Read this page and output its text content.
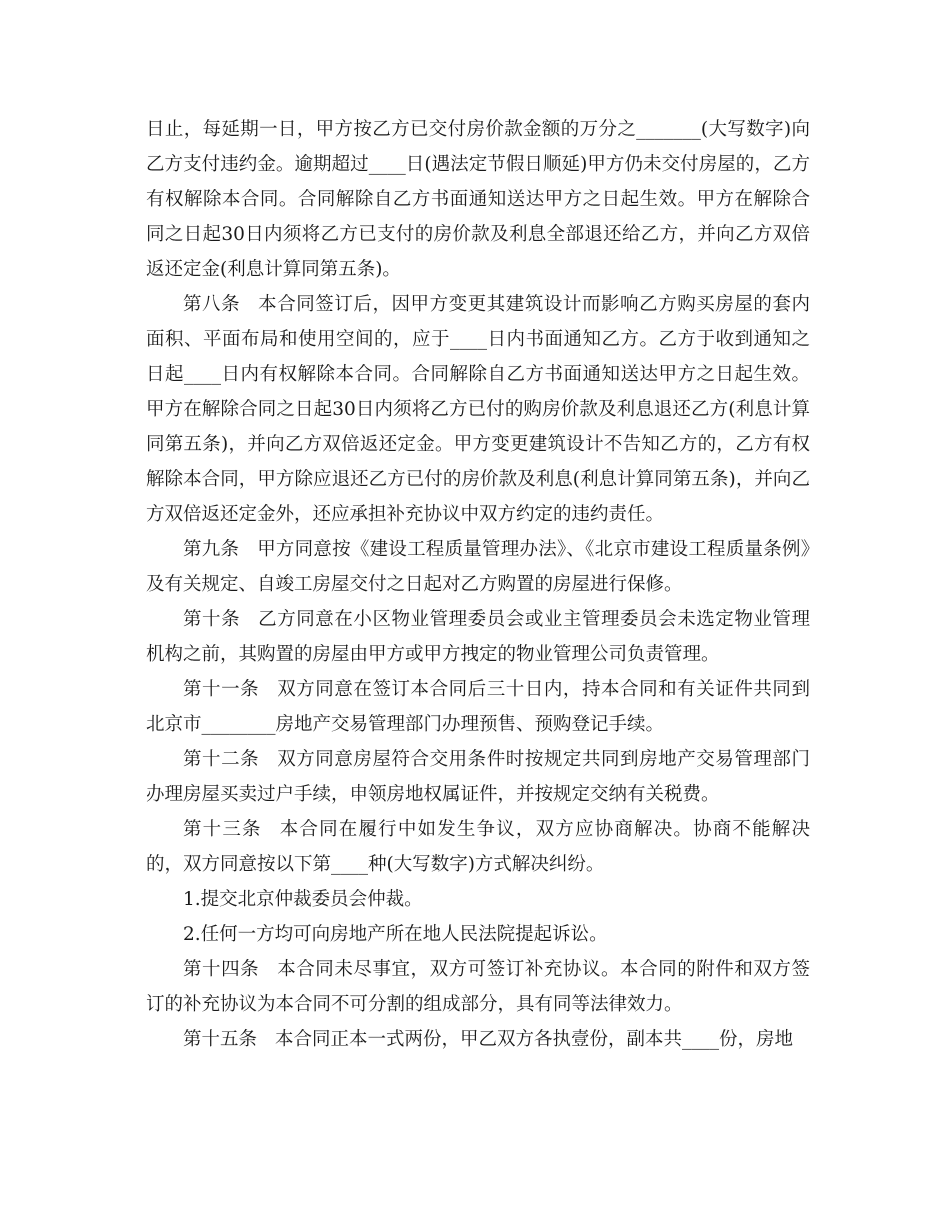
日止，每延期一日，甲方按乙方已交付房价款金额的万分之_______(大写数字)向乙方支付违约金。逾期超过____日(遇法定节假日顺延)甲方仍未交付房屋的，乙方有权解除本合同。合同解除自乙方书面通知送达甲方之日起生效。甲方在解除合同之日起30日内须将乙方已支付的房价款及利息全部退还给乙方，并向乙方双倍返还定金(利息计算同第五条)。

第八条 本合同签订后，因甲方变更其建筑设计而影响乙方购买房屋的套内面积、平面布局和使用空间的，应于____日内书面通知乙方。乙方于收到通知之日起____日内有权解除本合同。合同解除自乙方书面通知送达甲方之日起生效。甲方在解除合同之日起30日内须将乙方已付的购房价款及利息退还乙方(利息计算同第五条)，并向乙方双倍返还定金。甲方变更建筑设计不告知乙方的，乙方有权解除本合同，甲方除应退还乙方已付的房价款及利息(利息计算同第五条)，并向乙方双倍返还定金外，还应承担补充协议中双方约定的违约责任。

第九条 甲方同意按《建设工程质量管理办法》、《北京市建设工程质量条例》及有关规定、自竣工房屋交付之日起对乙方购置的房屋进行保修。

第十条 乙方同意在小区物业管理委员会或业主管理委员会未选定物业管理机构之前，其购置的房屋由甲方或甲方拽定的物业管理公司负责管理。

第十一条 双方同意在签订本合同后三十日内，持本合同和有关证件共同到北京市________房地产交易管理部门办理预售、预购登记手续。

第十二条 双方同意房屋符合交用条件时按规定共同到房地产交易管理部门办理房屋买卖过户手续，申领房地权属证件，并按规定交纳有关税费。

第十三条 本合同在履行中如发生争议，双方应协商解决。协商不能解决的，双方同意按以下第____种(大写数字)方式解决纠纷。

1.提交北京仲裁委员会仲裁。

2.任何一方均可向房地产所在地人民法院提起诉讼。

第十四条 本合同未尽事宜，双方可签订补充协议。本合同的附件和双方签订的补充协议为本合同不可分割的组成部分，具有同等法律效力。

第十五条 本合同正本一式两份，甲乙双方各执壹份，副本共____份，房地
